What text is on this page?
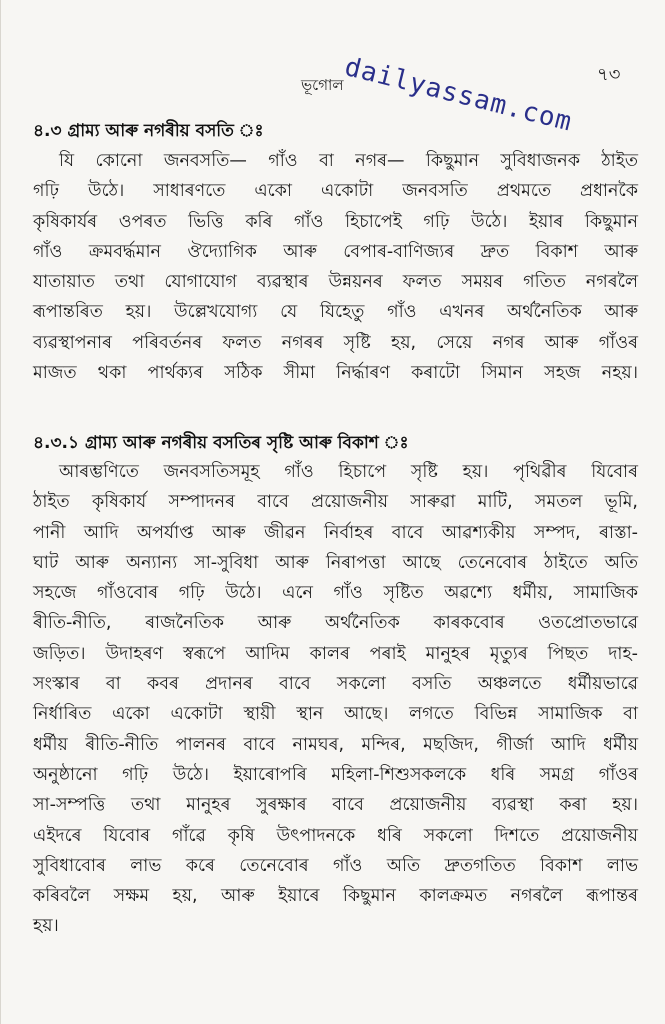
ভূগোল
dailyassam.com ৭৩
৪.৩ গ্ৰাম্য আৰু নগৰীয় বসতি ঃ
যি কোনো জনবসতি— গাঁও বা নগৰ— কিছুমান সুবিধাজনক ঠাইত
গঢ়ি উঠে। সাধাৰণতে একো একোটা জনবসতি প্ৰথমতে প্ৰধানকৈ
কৃষিকাৰ্যৰ ওপৰত ভিত্তি কৰি গাঁও হিচাপেই গঢ়ি উঠে। ইয়াৰ কিছুমান
গাঁও ক্ৰমবৰ্দ্ধমান ঔদ্যোগিক আৰু বেপাৰ-বাণিজ্যৰ দ্ৰুত বিকাশ আৰু
যাতায়াত তথা যোগাযোগ ব্যৱস্থাৰ উন্নয়নৰ ফলত সময়ৰ গতিত নগৰলৈ
ৰূপান্তৰিত হয়। উল্লেখযোগ্য যে যিহেতু গাঁও এখনৰ অৰ্থনৈতিক আৰু
ব্যৱস্থাপনাৰ পৰিবৰ্তনৰ ফলত নগৰৰ সৃষ্টি হয়, সেয়ে নগৰ আৰু গাঁওৰ
মাজত থকা পাৰ্থক্যৰ সঠিক সীমা নিৰ্দ্ধাৰণ কৰাটো সিমান সহজ নহয়।
৪.৩.১ গ্ৰাম্য আৰু নগৰীয় বসতিৰ সৃষ্টি আৰু বিকাশ ঃ
আৰম্ভণিতে জনবসতিসমূহ গাঁও হিচাপে সৃষ্টি হয়। পৃথিৱীৰ যিবোৰ
ঠাইত কৃষিকাৰ্য সম্পাদনৰ বাবে প্ৰয়োজনীয় সাৰুৱা মাটি, সমতল ভূমি,
পানী আদি অপৰ্যাপ্ত আৰু জীৱন নিৰ্বাহৰ বাবে আৱশ্যকীয় সম্পদ, ৰাস্তা-
ঘাট আৰু অন্যান্য সা-সুবিধা আৰু নিৰাপত্তা আছে তেনেবোৰ ঠাইতে অতি
সহজে গাঁওবোৰ গঢ়ি উঠে। এনে গাঁও সৃষ্টিত অৱশ্যে ধৰ্মীয়, সামাজিক
ৰীতি-নীতি, ৰাজনৈতিক আৰু অৰ্থনৈতিক কাৰকবোৰ ওতপ্ৰোতভাৱে
জড়িত। উদাহৰণ স্বৰূপে আদিম কালৰ পৰাই মানুহৰ মৃত্যুৰ পিছত দাহ-
সংস্কাৰ বা কবৰ প্ৰদানৰ বাবে সকলো বসতি অঞ্চলতে ধৰ্মীয়ভাৱে
নিৰ্ধাৰিত একো একোটা স্থায়ী স্থান আছে। লগতে বিভিন্ন সামাজিক বা
ধৰ্মীয় ৰীতি-নীতি পালনৰ বাবে নামঘৰ, মন্দিৰ, মছজিদ, গীৰ্জা আদি ধৰ্মীয়
অনুষ্ঠানো গঢ়ি উঠে। ইয়াৰোপৰি মহিলা-শিশুসকলকে ধৰি সমগ্ৰ গাঁওৰ
সা-সম্পত্তি তথা মানুহৰ সুৰক্ষাৰ বাবে প্ৰয়োজনীয় ব্যৱস্থা কৰা হয়।
এইদৰে যিবোৰ গাঁৱে কৃষি উৎপাদনকে ধৰি সকলো দিশতে প্ৰয়োজনীয়
সুবিধাবোৰ লাভ কৰে তেনেবোৰ গাঁও অতি দ্ৰুতগতিত বিকাশ লাভ
কৰিবলৈ সক্ষম হয়, আৰু ইয়াৰে কিছুমান কালক্ৰমত নগৰলৈ ৰূপান্তৰ
হয়।
